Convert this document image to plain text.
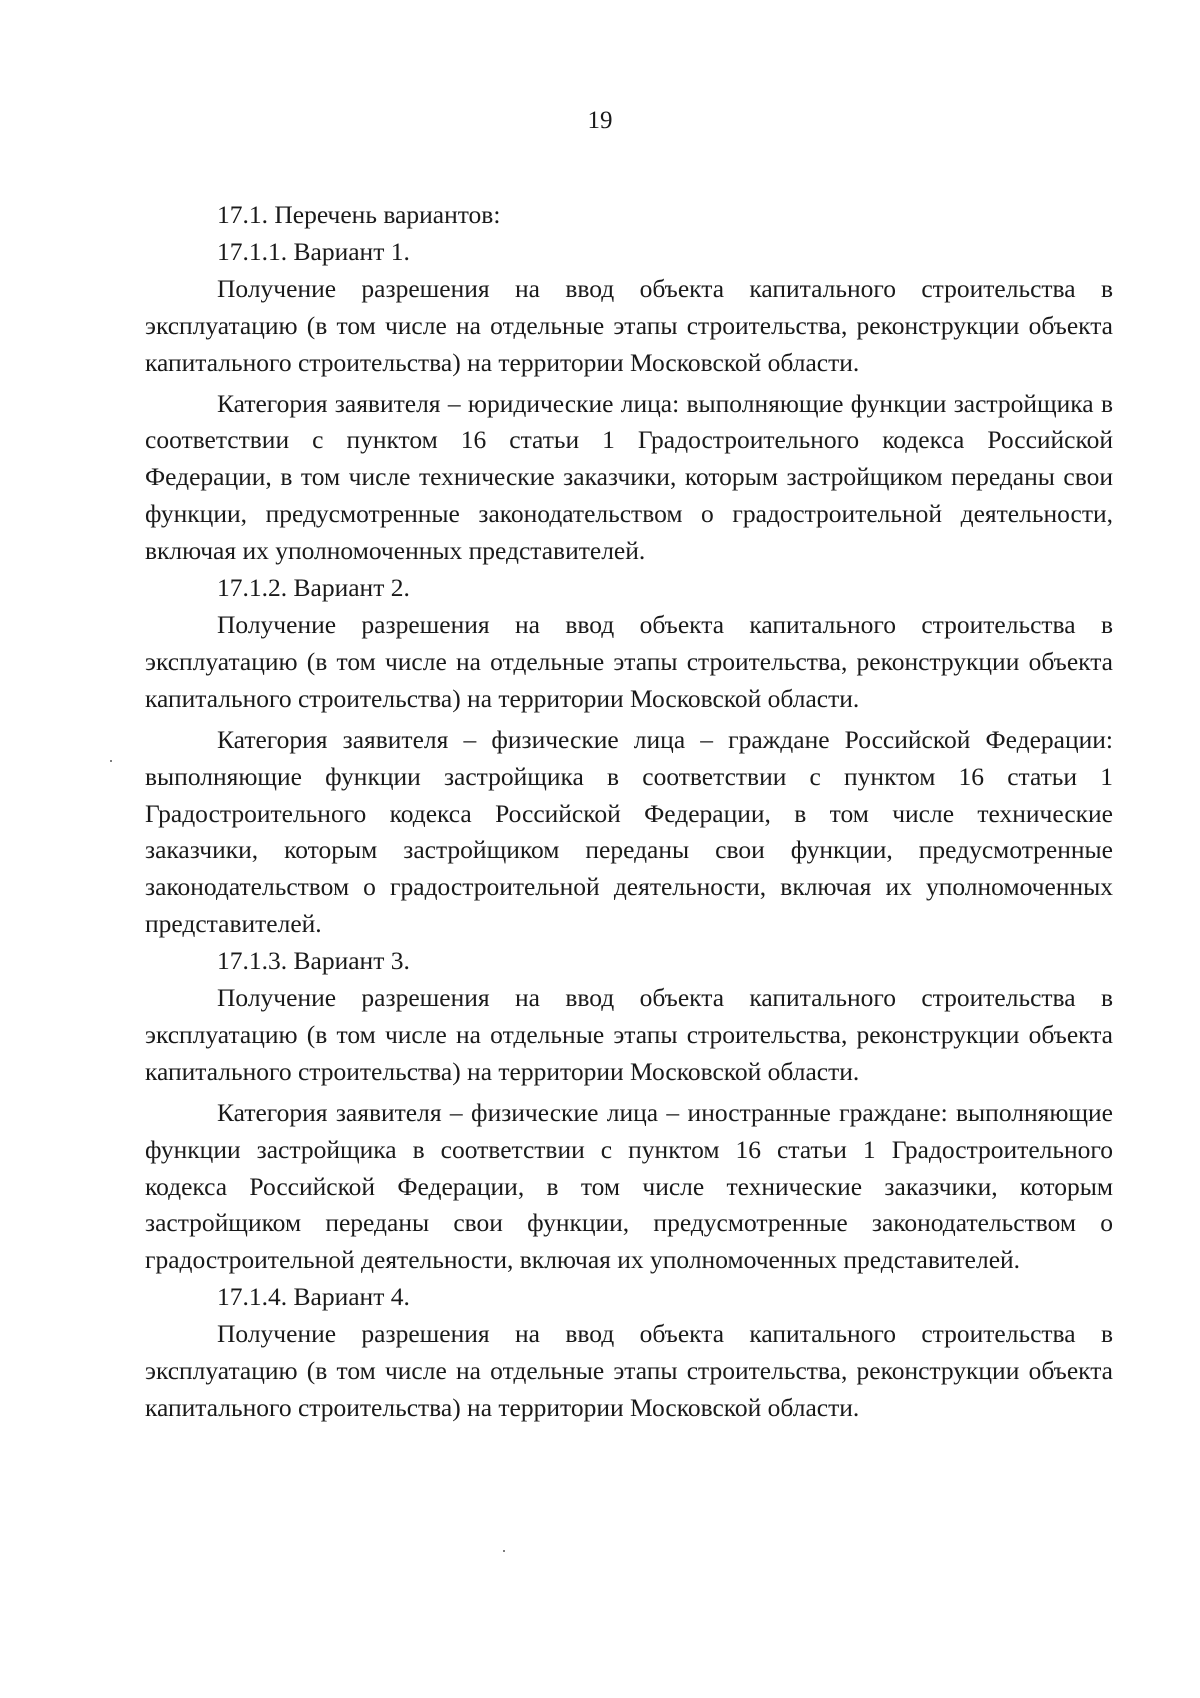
19

17.1. Перечень вариантов:

17.1.1. Вариант 1.

Получение разрешения на ввод объекта капитального строительства в эксплуатацию (в том числе на отдельные этапы строительства, реконструкции объекта капитального строительства) на территории Московской области.

Категория заявителя – юридические лица: выполняющие функции застройщика в соответствии с пунктом 16 статьи 1 Градостроительного кодекса Российской Федерации, в том числе технические заказчики, которым застройщиком переданы свои функции, предусмотренные законодательством о градостроительной деятельности, включая их уполномоченных представителей.

17.1.2. Вариант 2.

Получение разрешения на ввод объекта капитального строительства в эксплуатацию (в том числе на отдельные этапы строительства, реконструкции объекта капитального строительства) на территории Московской области.

Категория заявителя – физические лица – граждане Российской Федерации: выполняющие функции застройщика в соответствии с пунктом 16 статьи 1 Градостроительного кодекса Российской Федерации, в том числе технические заказчики, которым застройщиком переданы свои функции, предусмотренные законодательством о градостроительной деятельности, включая их уполномоченных представителей.

17.1.3. Вариант 3.

Получение разрешения на ввод объекта капитального строительства в эксплуатацию (в том числе на отдельные этапы строительства, реконструкции объекта капитального строительства) на территории Московской области.

Категория заявителя – физические лица – иностранные граждане: выполняющие функции застройщика в соответствии с пунктом 16 статьи 1 Градостроительного кодекса Российской Федерации, в том числе технические заказчики, которым застройщиком переданы свои функции, предусмотренные законодательством о градостроительной деятельности, включая их уполномоченных представителей.

17.1.4. Вариант 4.

Получение разрешения на ввод объекта капитального строительства в эксплуатацию (в том числе на отдельные этапы строительства, реконструкции объекта капитального строительства) на территории Московской области.
